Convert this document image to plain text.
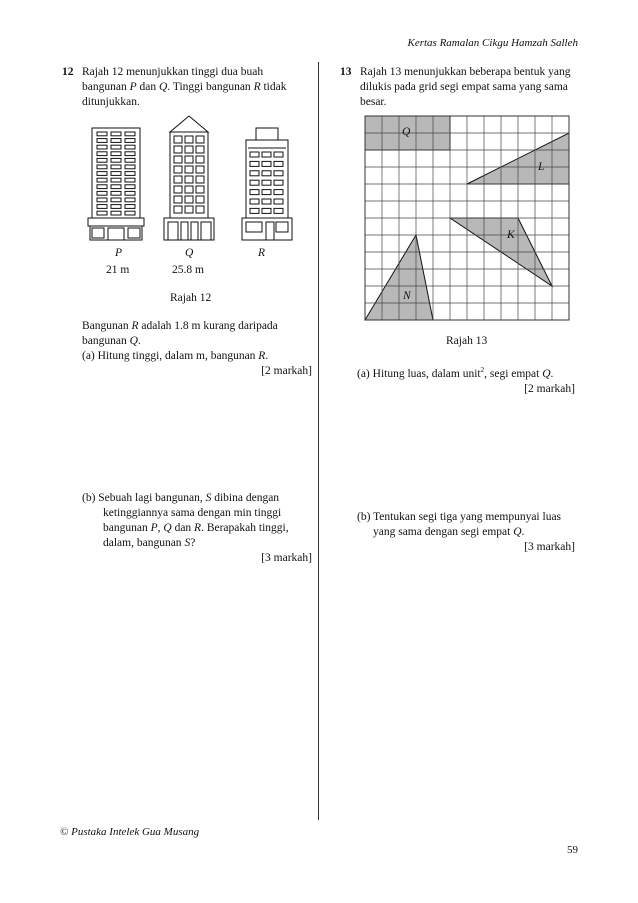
Kertas Ramalan Cikgu Hamzah Salleh
12 Rajah 12 menunjukkan tinggi dua buah
bangunan P dan Q. Tinggi bangunan R tidak
ditunjukkan.
P	Q	R
21 m	25.8 m
Rajah 12
Bangunan R adalah 1.8 m kurang daripada
bangunan Q.
(a) Hitung tinggi, dalam m, bangunan R.
[2 markah]
(b) Sebuah lagi bangunan, S dibina dengan
ketinggiannya sama dengan min tinggi
bangunan P, Q dan R. Berapakah tinggi,
dalam, bangunan S?
[3 markah]
13 Rajah 13 menunjukkan beberapa bentuk yang
dilukis pada grid segi empat sama yang sama
besar.
Q
L
K
N
Rajah 13
(a) Hitung luas, dalam unit$^2$, segi empat Q.
[2 markah]
(b) Tentukan segi tiga yang mempunyai luas
yang sama dengan segi empat Q.
[3 markah]
© Pustaka Intelek Gua Musang
59
